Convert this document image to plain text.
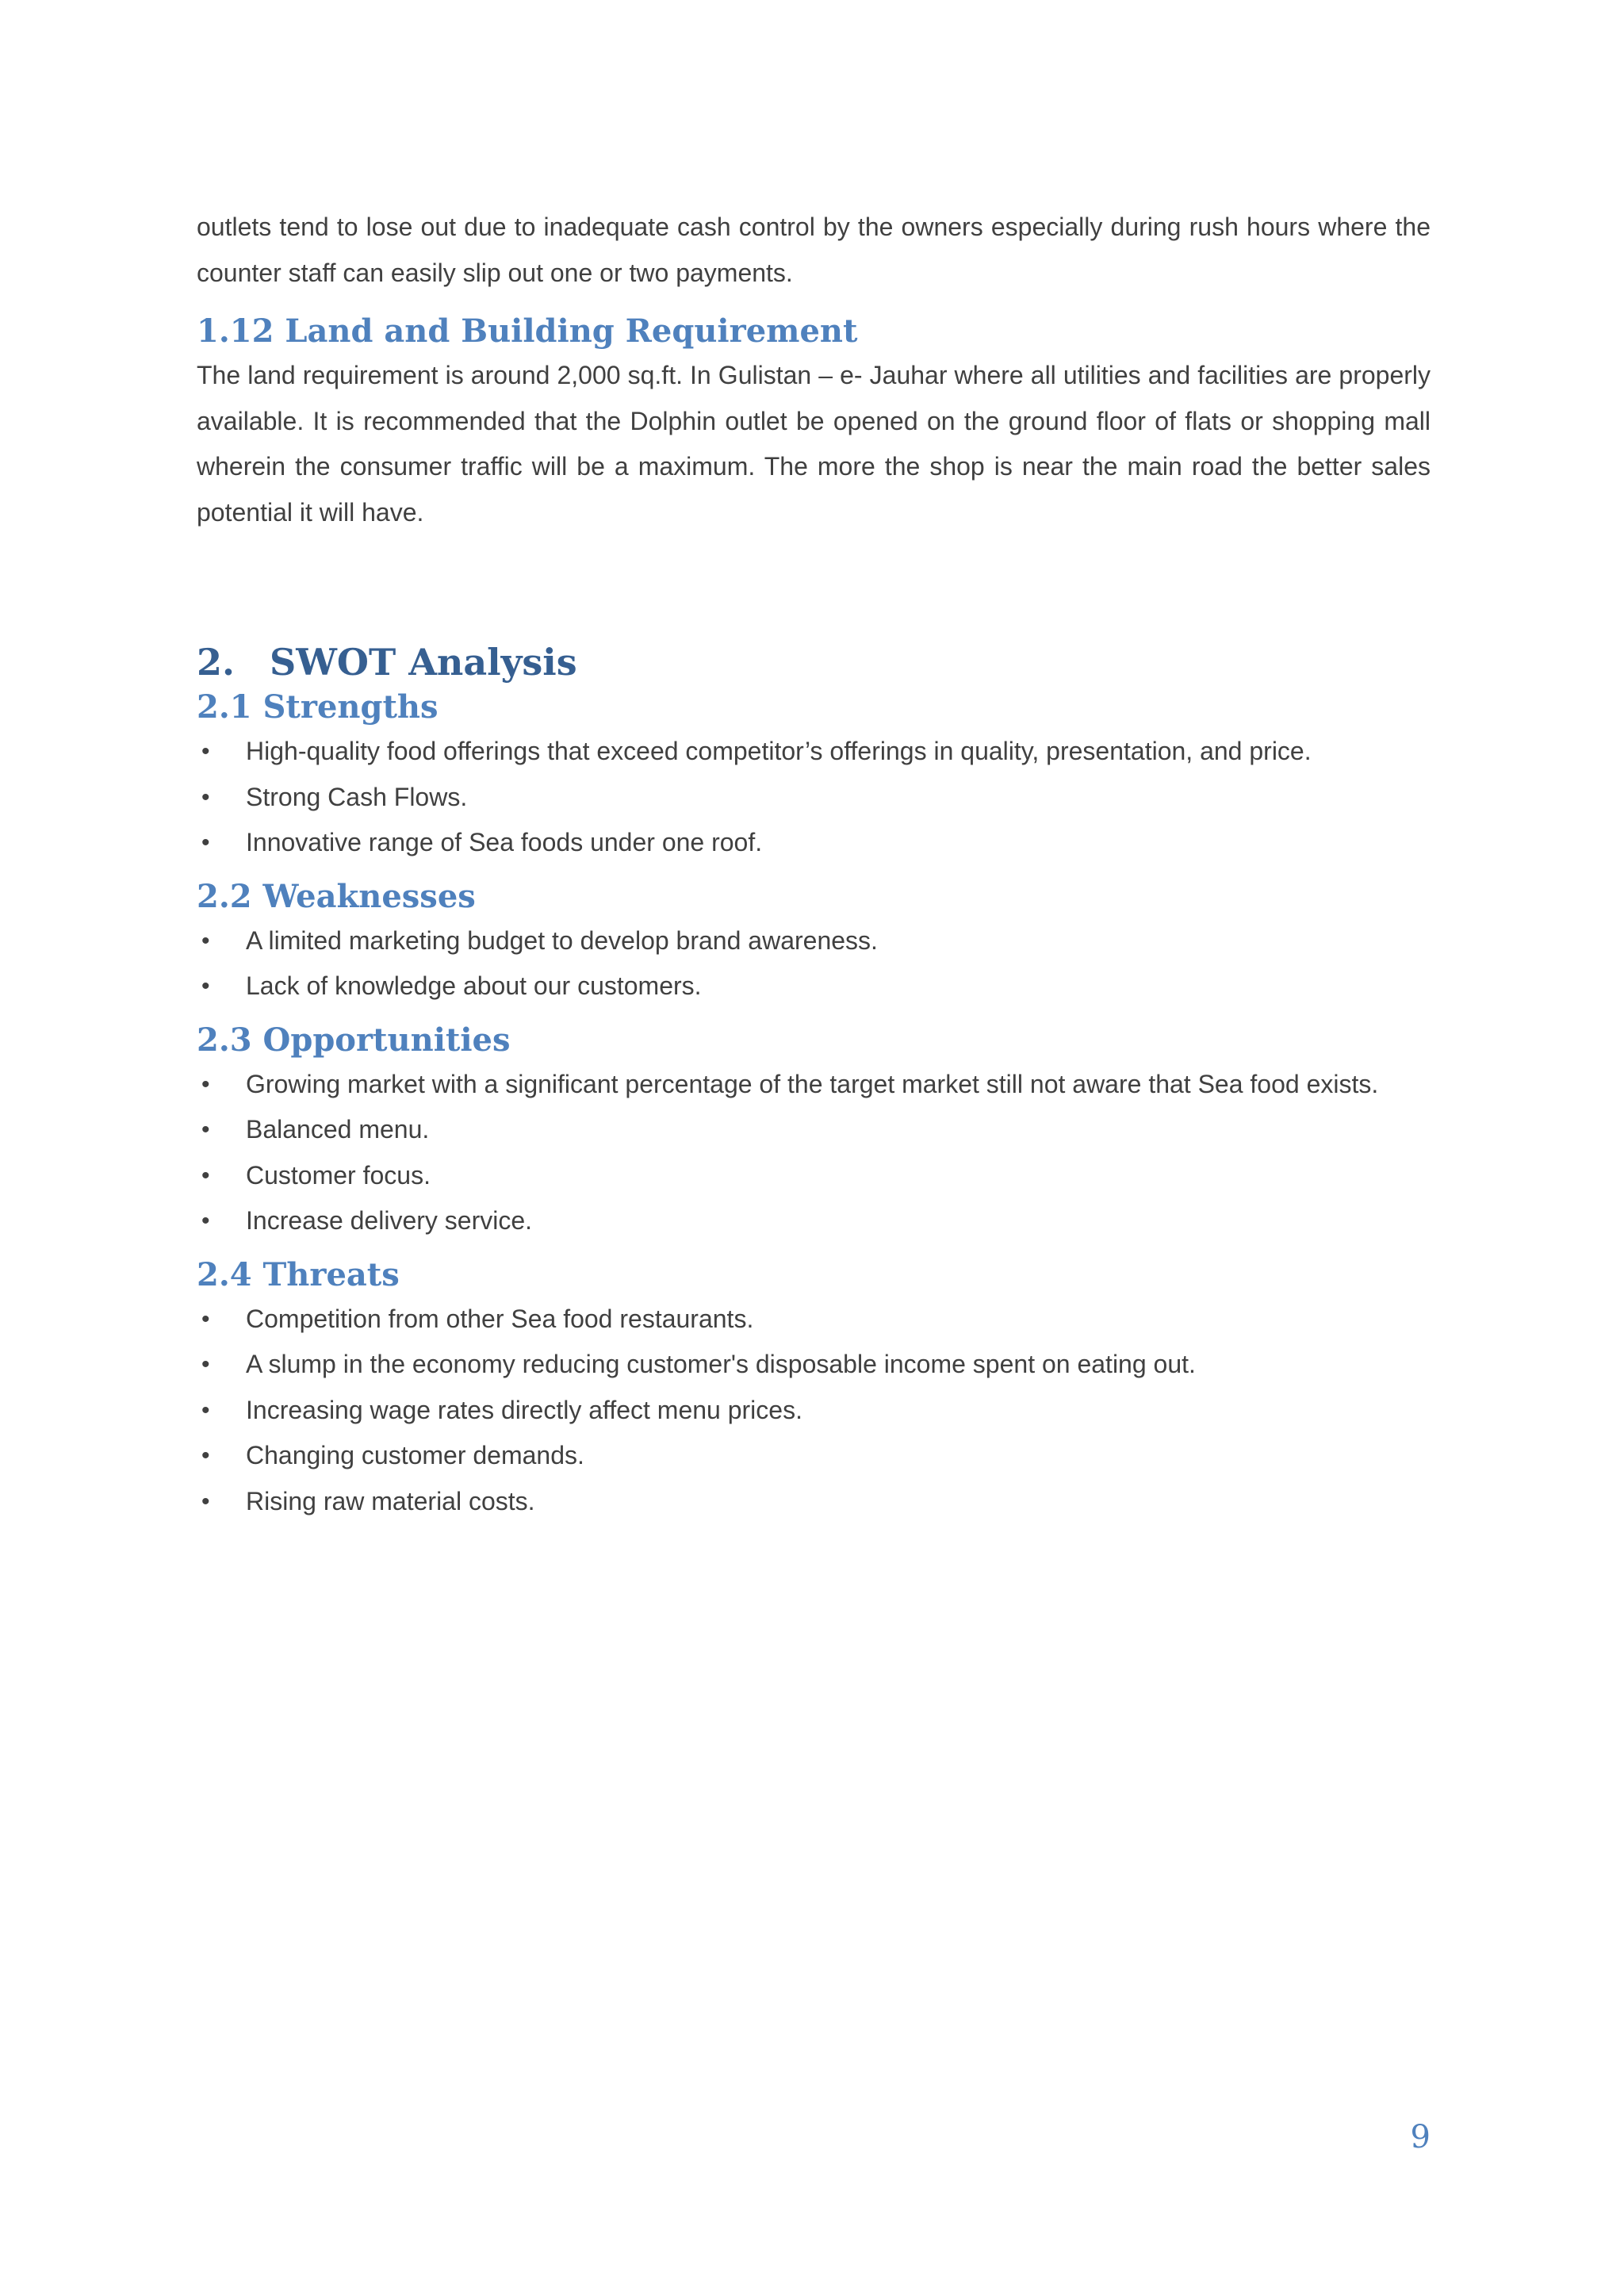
outlets tend to lose out due to inadequate cash control by the owners especially during rush hours where the counter staff can easily slip out one or two payments.

1.12 Land and Building Requirement

The land requirement is around 2,000 sq.ft. In Gulistan – e- Jauhar where all utilities and facilities are properly available. It is recommended that the Dolphin outlet be opened on the ground floor of flats or shopping mall wherein the consumer traffic will be a maximum. The more the shop is near the main road the better sales potential it will have.

2. SWOT Analysis
2.1 Strengths
• High-quality food offerings that exceed competitor’s offerings in quality, presentation, and price.
• Strong Cash Flows.
• Innovative range of Sea foods under one roof.
2.2 Weaknesses
• A limited marketing budget to develop brand awareness.
• Lack of knowledge about our customers.
2.3 Opportunities
• Growing market with a significant percentage of the target market still not aware that Sea food exists.
• Balanced menu.
• Customer focus.
• Increase delivery service.
2.4 Threats
• Competition from other Sea food restaurants.
• A slump in the economy reducing customer's disposable income spent on eating out.
• Increasing wage rates directly affect menu prices.
• Changing customer demands.
• Rising raw material costs.
9
